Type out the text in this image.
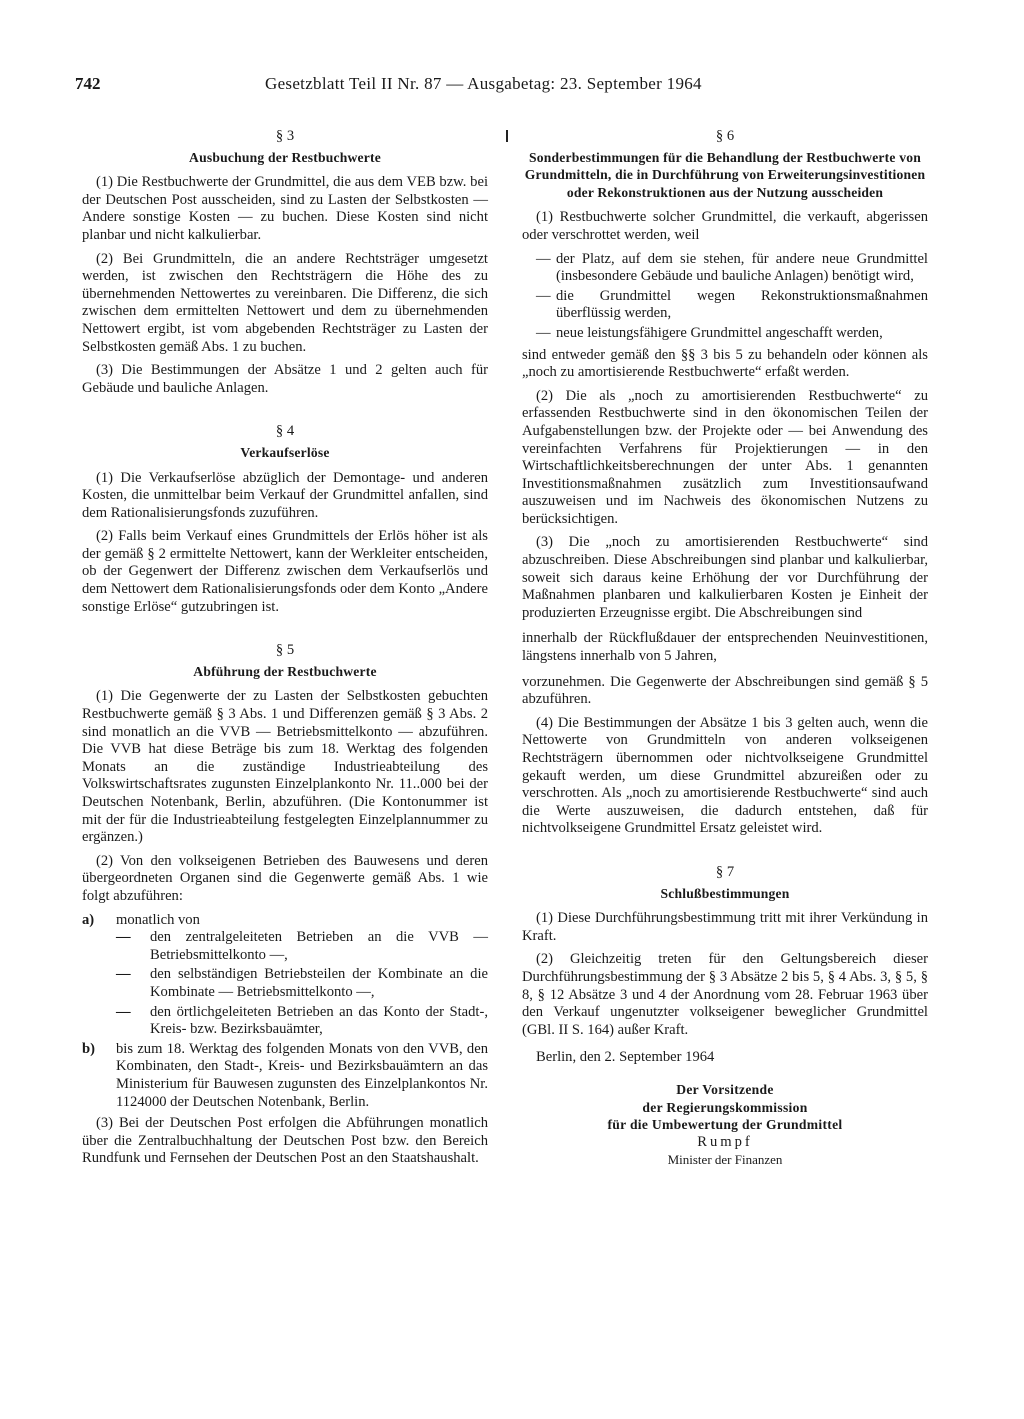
742	Gesetzblatt Teil II Nr. 87 — Ausgabetag: 23. September 1964
§ 3
Ausbuchung der Restbuchwerte

(1) Die Restbuchwerte der Grundmittel, die aus dem VEB bzw. bei der Deutschen Post ausscheiden, sind zu Lasten der Selbstkosten — Andere sonstige Kosten — zu buchen. Diese Kosten sind nicht planbar und nicht kalkulierbar.

(2) Bei Grundmitteln, die an andere Rechtsträger umgesetzt werden, ist zwischen den Rechtsträgern die Höhe des zu übernehmenden Nettowertes zu vereinbaren. Die Differenz, die sich zwischen dem ermittelten Nettowert und dem zu übernehmenden Nettowert ergibt, ist vom abgebenden Rechtsträger zu Lasten der Selbstkosten gemäß Abs. 1 zu buchen.

(3) Die Bestimmungen der Absätze 1 und 2 gelten auch für Gebäude und bauliche Anlagen.

§ 4
Verkaufserlöse

(1) Die Verkaufserlöse abzüglich der Demontage- und anderen Kosten, die unmittelbar beim Verkauf der Grundmittel anfallen, sind dem Rationalisierungsfonds zuzuführen.

(2) Falls beim Verkauf eines Grundmittels der Erlös höher ist als der gemäß § 2 ermittelte Nettowert, kann der Werkleiter entscheiden, ob der Gegenwert der Differenz zwischen dem Verkaufserlös und dem Nettowert dem Rationalisierungsfonds oder dem Konto „Andere sonstige Erlöse“ gutzubringen ist.

§ 5
Abführung der Restbuchwerte

(1) Die Gegenwerte der zu Lasten der Selbstkosten gebuchten Restbuchwerte gemäß § 3 Abs. 1 und Differenzen gemäß § 3 Abs. 2 sind monatlich an die VVB — Betriebsmittelkonto — abzuführen. Die VVB hat diese Beträge bis zum 18. Werktag des folgenden Monats an die zuständige Industrieabteilung des Volkswirtschaftsrates zugunsten Einzelplankonto Nr. 11..000 bei der Deutschen Notenbank, Berlin, abzuführen. (Die Kontonummer ist mit der für die Industrieabteilung festgelegten Einzelplannummer zu ergänzen.)

(2) Von den volkseigenen Betrieben des Bauwesens und deren übergeordneten Organen sind die Gegenwerte gemäß Abs. 1 wie folgt abzuführen:

a) monatlich von
— den zentralgeleiteten Betrieben an die VVB — Betriebsmittelkonto —,
— den selbständigen Betriebsteilen der Kombinate an die Kombinate — Betriebsmittelkonto —,
— den örtlichgeleiteten Betrieben an das Konto der Stadt-, Kreis- bzw. Bezirksbauämter,
b) bis zum 18. Werktag des folgenden Monats von den VVB, den Kombinaten, den Stadt-, Kreis- und Bezirksbauämtern an das Ministerium für Bauwesen zugunsten des Einzelplankontos Nr. 1124000 der Deutschen Notenbank, Berlin.

(3) Bei der Deutschen Post erfolgen die Abführungen monatlich über die Zentralbuchhaltung der Deutschen Post bzw. den Bereich Rundfunk und Fernsehen der Deutschen Post an den Staatshaushalt.

§ 6
Sonderbestimmungen für die Behandlung der Restbuchwerte von Grundmitteln, die in Durchführung von Erweiterungsinvestitionen oder Rekonstruktionen aus der Nutzung ausscheiden

(1) Restbuchwerte solcher Grundmittel, die verkauft, abgerissen oder verschrottet werden, weil

— der Platz, auf dem sie stehen, für andere neue Grundmittel (insbesondere Gebäude und bauliche Anlagen) benötigt wird,
— die Grundmittel wegen Rekonstruktionsmaßnahmen überflüssig werden,
— neue leistungsfähigere Grundmittel angeschafft werden,

sind entweder gemäß den §§ 3 bis 5 zu behandeln oder können als „noch zu amortisierende Restbuchwerte“ erfaßt werden.

(2) Die als „noch zu amortisierenden Restbuchwerte“ zu erfassenden Restbuchwerte sind in den ökonomischen Teilen der Aufgabenstellungen bzw. der Projekte oder — bei Anwendung des vereinfachten Verfahrens für Projektierungen — in den Wirtschaftlichkeitsberechnungen der unter Abs. 1 genannten Investitionsmaßnahmen zusätzlich zum Investitionsaufwand auszuweisen und im Nachweis des ökonomischen Nutzens zu berücksichtigen.

(3) Die „noch zu amortisierenden Restbuchwerte“ sind abzuschreiben. Diese Abschreibungen sind planbar und kalkulierbar, soweit sich daraus keine Erhöhung der vor Durchführung der Maßnahmen planbaren und kalkulierbaren Kosten je Einheit der produzierten Erzeugnisse ergibt. Die Abschreibungen sind

innerhalb der Rückflußdauer der entsprechenden Neuinvestitionen, längstens innerhalb von 5 Jahren,

vorzunehmen. Die Gegenwerte der Abschreibungen sind gemäß § 5 abzuführen.

(4) Die Bestimmungen der Absätze 1 bis 3 gelten auch, wenn die Nettowerte von Grundmitteln von anderen volkseigenen Rechtsträgern übernommen oder nichtvolkseigene Grundmittel gekauft werden, um diese Grundmittel abzureißen oder zu verschrotten. Als „noch zu amortisierende Restbuchwerte“ sind auch die Werte auszuweisen, die dadurch entstehen, daß für nichtvolkseigene Grundmittel Ersatz geleistet wird.

§ 7
Schlußbestimmungen

(1) Diese Durchführungsbestimmung tritt mit ihrer Verkündung in Kraft.

(2) Gleichzeitig treten für den Geltungsbereich dieser Durchführungsbestimmung der § 3 Absätze 2 bis 5, § 4 Abs. 3, § 5, § 8, § 12 Absätze 3 und 4 der Anordnung vom 28. Februar 1963 über den Verkauf ungenutzter volkseigener beweglicher Grundmittel (GBl. II S. 164) außer Kraft.

Berlin, den 2. September 1964

Der Vorsitzende
der Regierungskommission
für die Umbewertung der Grundmittel
Rumpf
Minister der Finanzen
